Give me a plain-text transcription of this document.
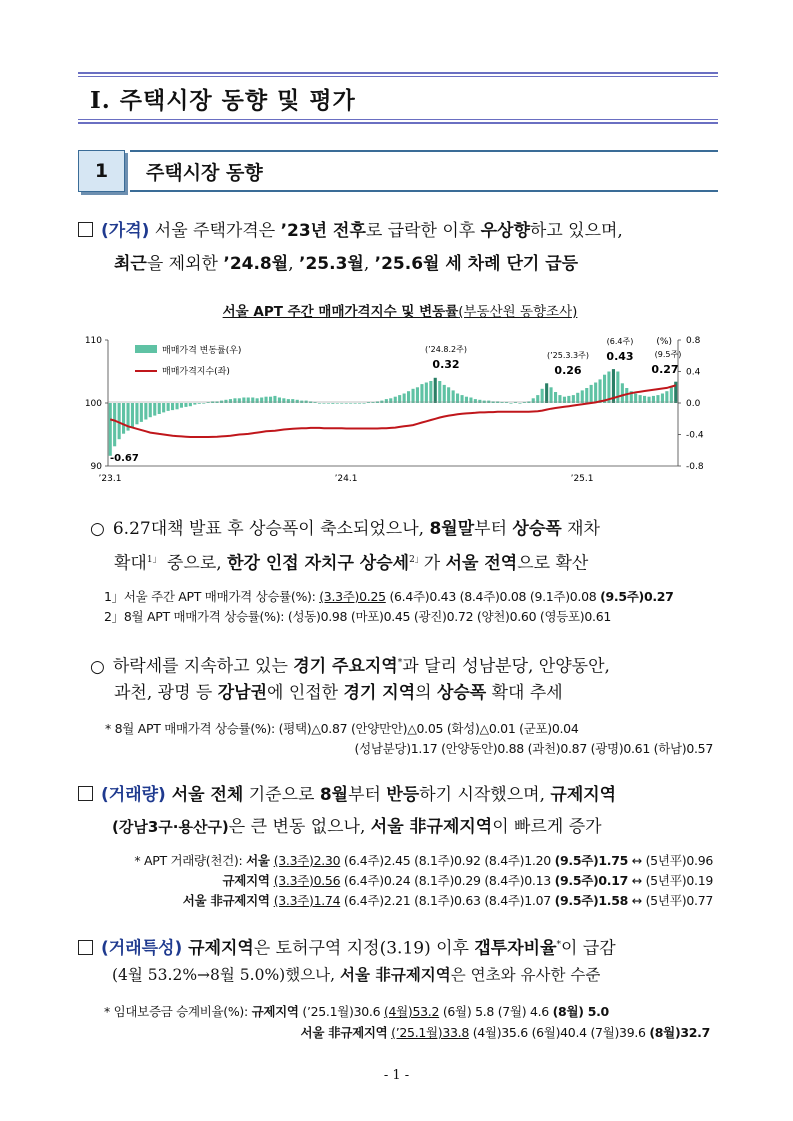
Ⅰ. 주택시장 동향 및 평가
1	주택시장 동향
(가격) 서울 주택가격은 ’23년 전후로 급락한 이후 우상향하고 있으며,
최근을 제외한 ’24.8월, ’25.3월, ’25.6월 세 차례 단기 급등
서울 APT 주간 매매가격지수 및 변동률(부동산원 동향조사)
110
100
90
0.8
0.4
0.0
-0.4
-0.8
’23.1	’24.1	’25.1
매매가격 변동률(우)
매매가격지수(좌)
(’24.8.2주)
0.32
(’25.3.3주)
0.26
(6.4주)
0.43	(9.5주)
0.27
-0.67
(%)
○ 6.27대책 발표 후 상승폭이 축소되었으나, 8월말부터 상승폭 재차
확대$^{1」}$ 중으로, 한강 인접 자치구 상승세$^{2」}$가 서울 전역으로 확산
1」서울 주간 APT 매매가격 상승률(%): (3.3주)0.25 (6.4주)0.43 (8.4주)0.08 (9.1주)0.08 (9.5주)0.27
2」8월 APT 매매가격 상승률(%): (성동)0.98 (마포)0.45 (광진)0.72 (양천)0.60 (영등포)0.61
○ 하락세를 지속하고 있는 경기 주요지역*과 달리 성남분당, 안양동안,
과천, 광명 등 강남권에 인접한 경기 지역의 상승폭 확대 추세
* 8월 APT 매매가격 상승률(%): (평택)△0.87 (안양만안)△0.05 (화성)△0.01 (군포)0.04
(성남분당)1.17 (안양동안)0.88 (과천)0.87 (광명)0.61 (하남)0.57
(거래량) 서울 전체 기준으로 8월부터 반등하기 시작했으며, 규제지역
(강남3구·용산구)은 큰 변동 없으나, 서울 非규제지역이 빠르게 증가
* APT 거래량(천건): 서울 (3.3주)2.30 (6.4주)2.45 (8.1주)0.92 (8.4주)1.20 (9.5주)1.75 ↔ (5년平)0.96
규제지역 (3.3주)0.56 (6.4주)0.24 (8.1주)0.29 (8.4주)0.13 (9.5주)0.17 ↔ (5년平)0.19
서울 非규제지역 (3.3주)1.74 (6.4주)2.21 (8.1주)0.63 (8.4주)1.07 (9.5주)1.58 ↔ (5년平)0.77
(거래특성) 규제지역은 토허구역 지정(3.19) 이후 갭투자비율*이 급감
(4월 53.2%→8월 5.0%)했으나, 서울 非규제지역은 연초와 유사한 수준
* 임대보증금 승계비율(%): 규제지역 (’25.1월)30.6 (4월)53.2 (6월) 5.8 (7월) 4.6 (8월) 5.0
서울 非규제지역 (’25.1월)33.8 (4월)35.6 (6월)40.4 (7월)39.6 (8월)32.7
- 1 -
